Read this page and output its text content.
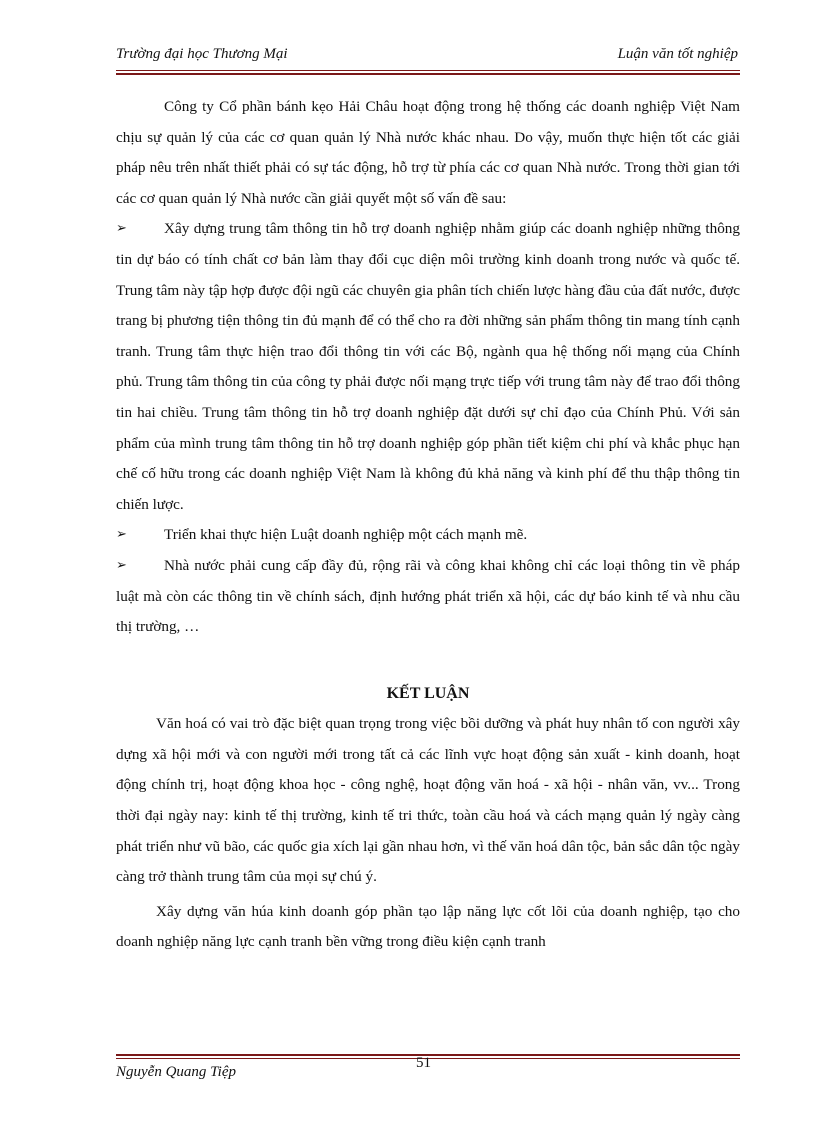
Trường đại học Thương Mại	Luận văn tốt nghiệp

Công ty Cổ phần bánh kẹo Hải Châu hoạt động trong hệ thống các doanh nghiệp Việt Nam chịu sự quản lý của các cơ quan quản lý Nhà nước khác nhau. Do vậy, muốn thực hiện tốt các giải pháp nêu trên nhất thiết phải có sự tác động, hỗ trợ từ phía các cơ quan Nhà nước. Trong thời gian tới các cơ quan quản lý Nhà nước cần giải quyết một số vấn đề sau:

➢ Xây dựng trung tâm thông tin hỗ trợ doanh nghiệp nhằm giúp các doanh nghiệp những thông tin dự báo có tính chất cơ bản làm thay đổi cục diện môi trường kinh doanh trong nước và quốc tế. Trung tâm này tập hợp được đội ngũ các chuyên gia phân tích chiến lược hàng đầu của đất nước, được trang bị phương tiện thông tin đủ mạnh để có thể cho ra đời những sản phẩm thông tin mang tính cạnh tranh. Trung tâm thực hiện trao đổi thông tin với các Bộ, ngành qua hệ thống nối mạng của Chính phủ. Trung tâm thông tin của công ty phải được nối mạng trực tiếp với trung tâm này để trao đổi thông tin hai chiều. Trung tâm thông tin hỗ trợ doanh nghiệp đặt dưới sự chỉ đạo của Chính Phủ. Với sản phẩm của mình trung tâm thông tin hỗ trợ doanh nghiệp góp phần tiết kiệm chi phí và khắc phục hạn chế cố hữu trong các doanh nghiệp Việt Nam là không đủ khả năng và kinh phí để thu thập thông tin chiến lược.

➢ Triển khai thực hiện Luật doanh nghiệp một cách mạnh mẽ.

➢ Nhà nước phải cung cấp đầy đủ, rộng rãi và công khai không chỉ các loại thông tin về pháp luật mà còn các thông tin về chính sách, định hướng phát triển xã hội, các dự báo kinh tế và nhu cầu thị trường, …

KẾT LUẬN

Văn hoá có vai trò đặc biệt quan trọng trong việc bồi dưỡng và phát huy nhân tố con người xây dựng xã hội mới và con người mới trong tất cả các lĩnh vực hoạt động sản xuất - kinh doanh, hoạt động chính trị, hoạt động khoa học - công nghệ, hoạt động văn hoá - xã hội - nhân văn, vv... Trong thời đại ngày nay: kinh tế thị trường, kinh tế tri thức, toàn cầu hoá và cách mạng quản lý ngày càng phát triển như vũ bão, các quốc gia xích lại gần nhau hơn, vì thế văn hoá dân tộc, bản sắc dân tộc ngày càng trở thành trung tâm của mọi sự chú ý.

Xây dựng văn húa kinh doanh góp phần tạo lập năng lực cốt lõi của doanh nghiệp, tạo cho doanh nghiệp năng lực cạnh tranh bền vững trong điều kiện cạnh tranh

Nguyễn Quang Tiệp
51
